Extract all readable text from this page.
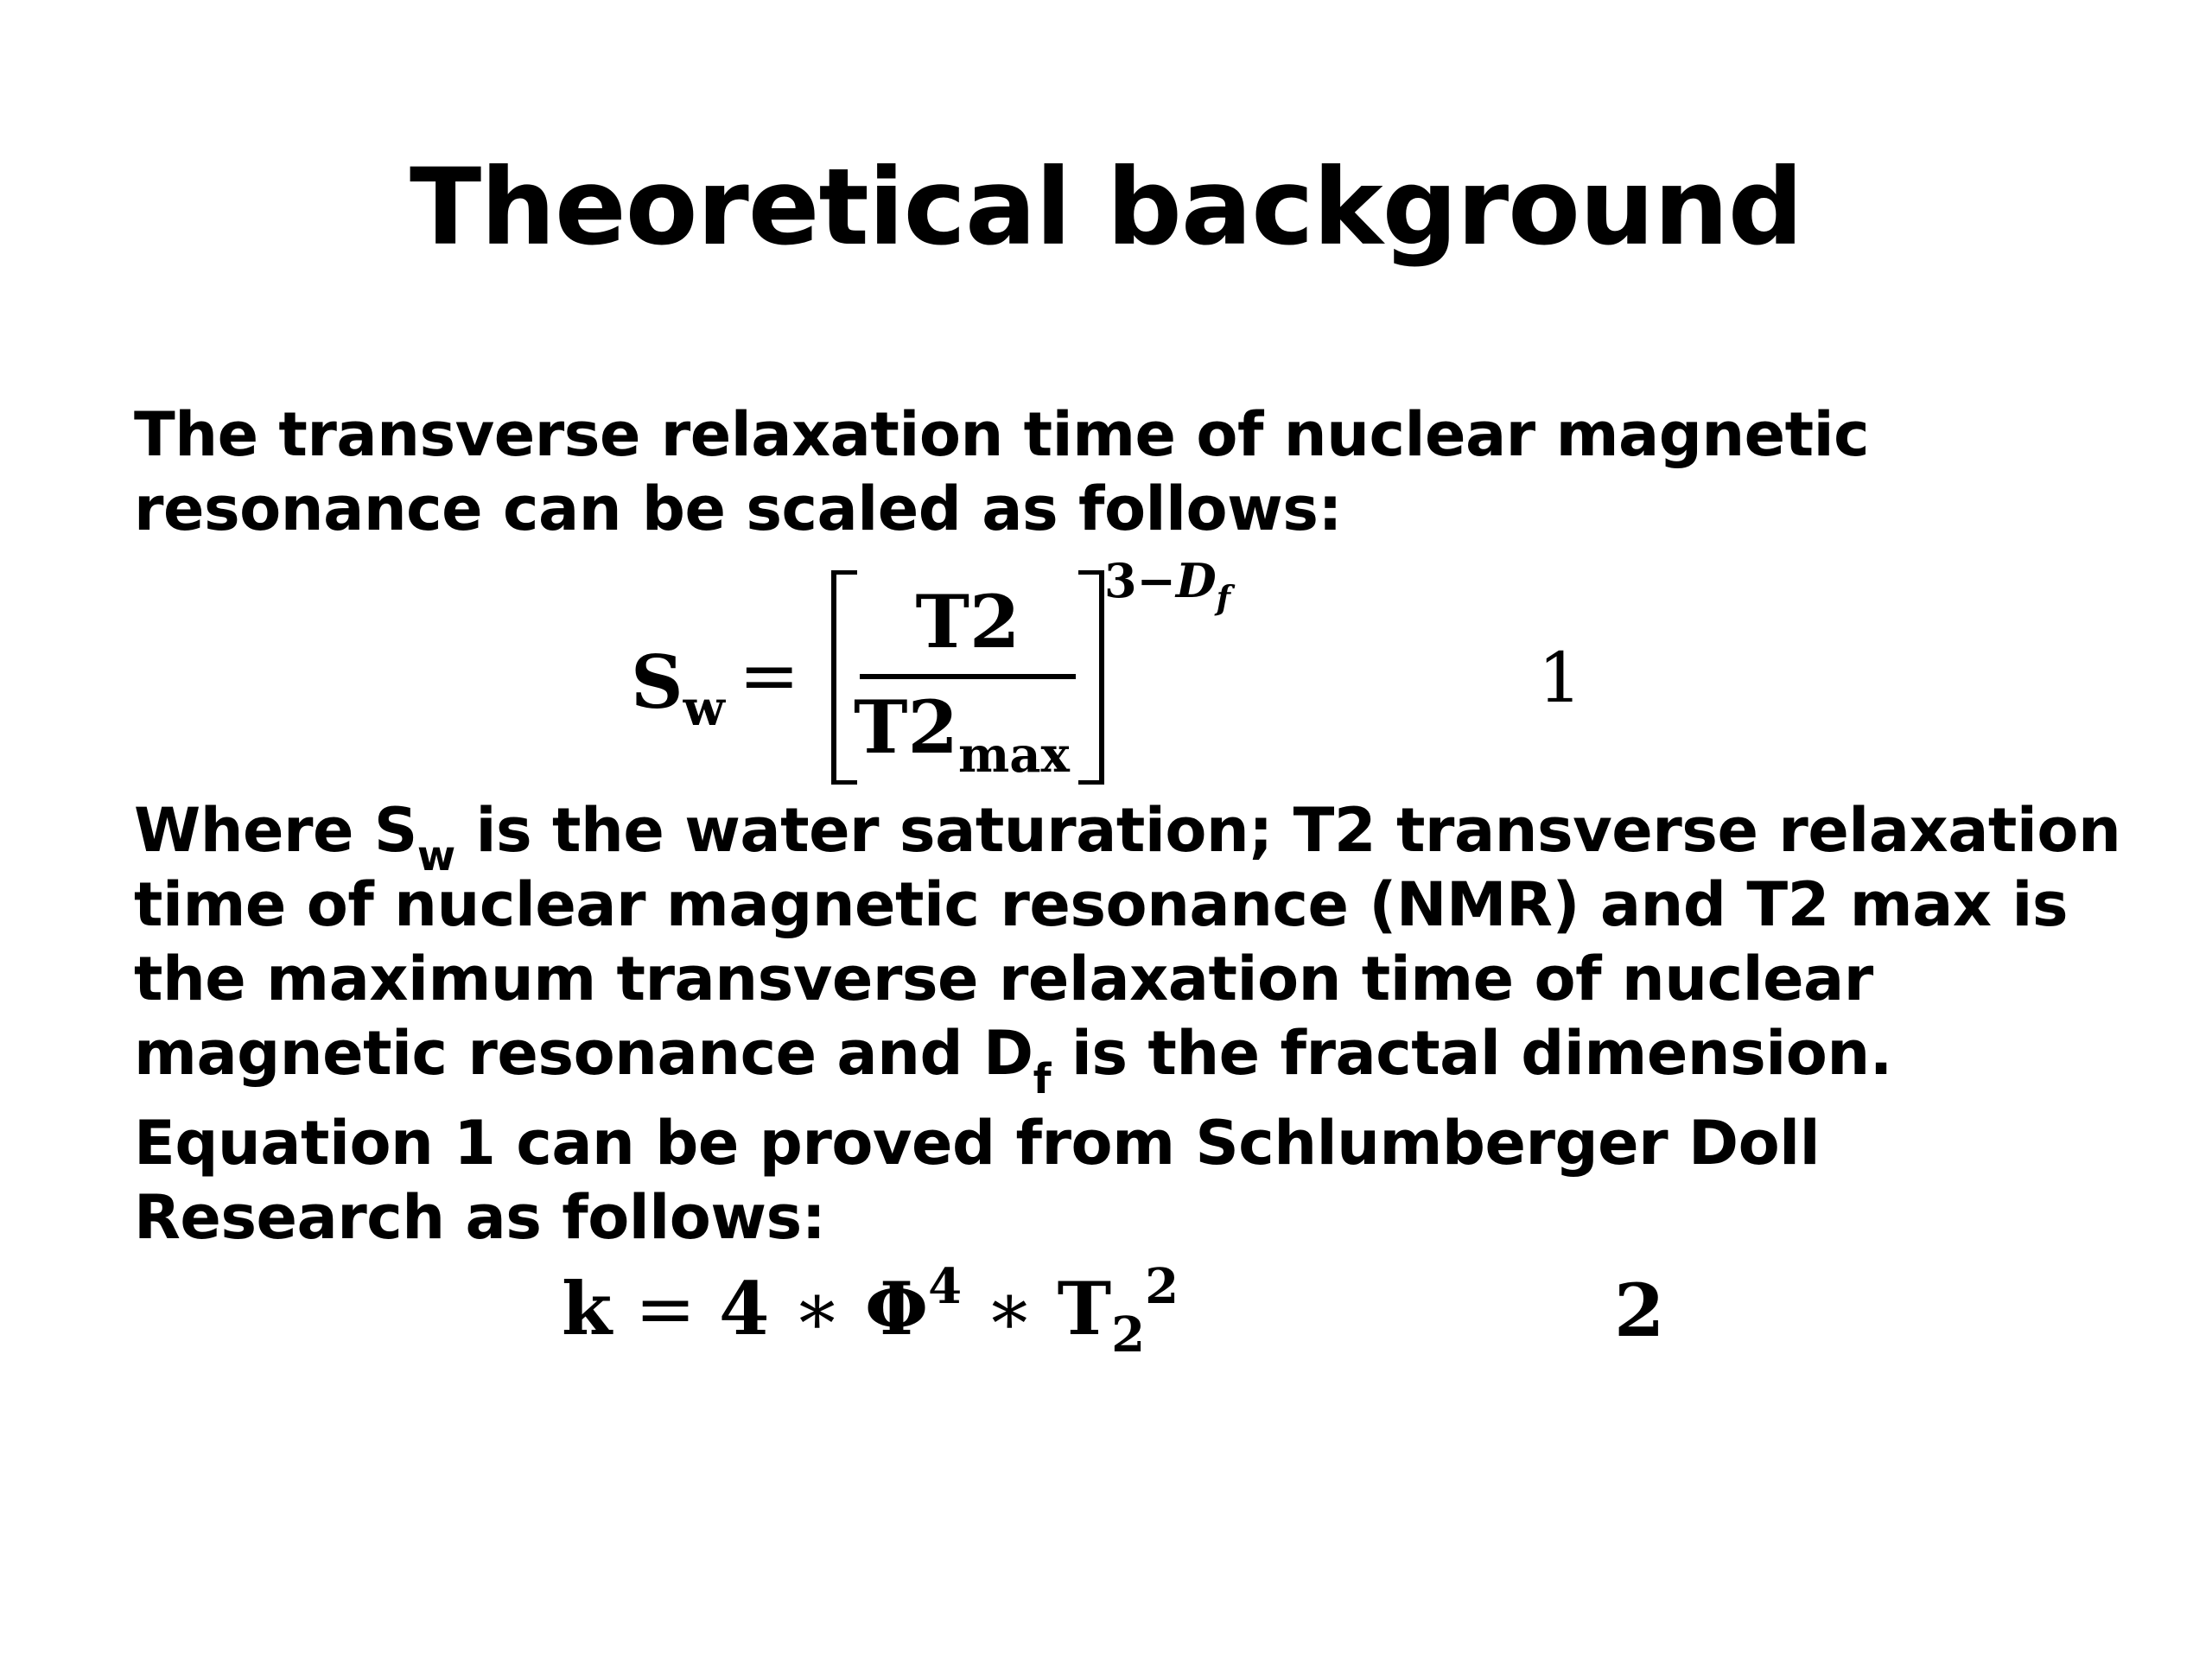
Theoretical background
The transverse relaxation time of nuclear magnetic resonance can be scaled as follows:
$S_w$ =
T2
$T2_{max}$
$3-D_f$
1
Where $S_w$ is the water saturation; T2 transverse relaxation time of nuclear magnetic resonance (NMR) and T2 max is the maximum transverse relaxation time of nuclear magnetic resonance and $D_f$ is the fractal dimension.
Equation 1 can be proved from Schlumberger Doll Research as follows:
k = 4 ∗ $\Phi^4$ ∗ $T_2^2$	2
